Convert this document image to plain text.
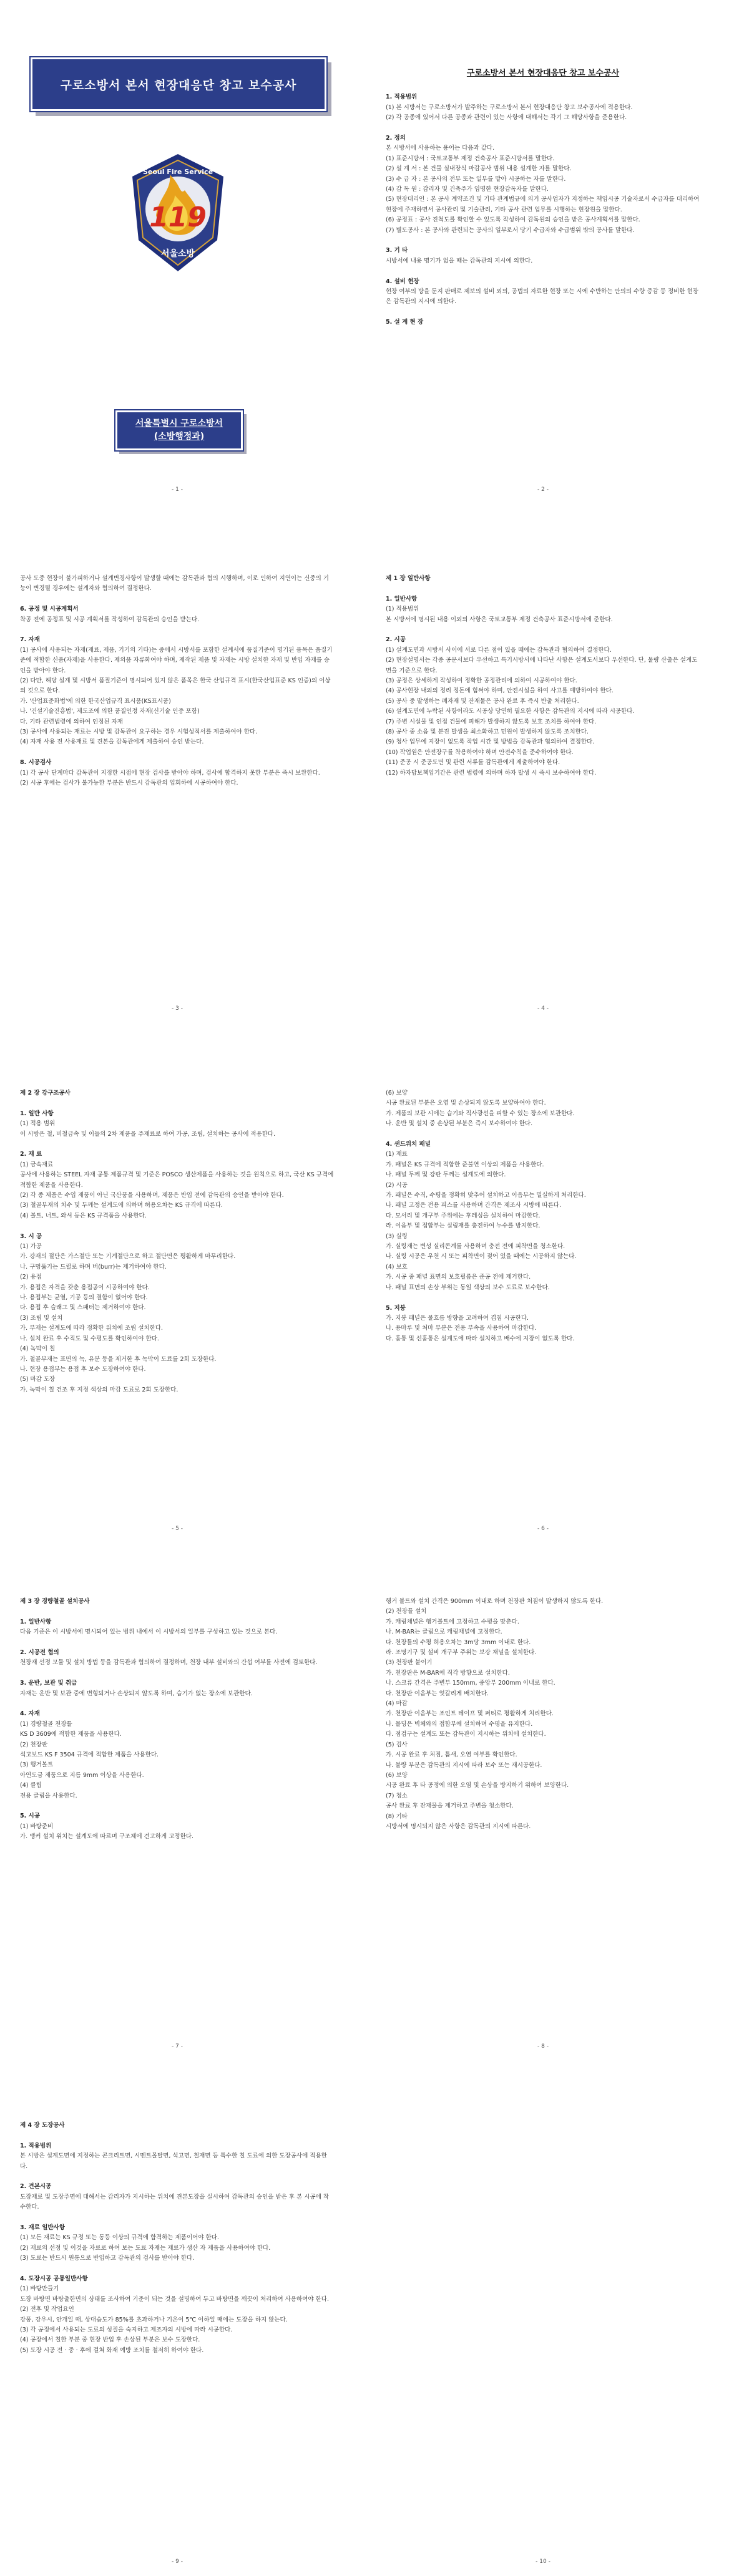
구로소방서 본서 현장대응단 창고 보수공사
119
Seoul Fire Service
서울소방
서울특별시 구로소방서
(소방행정과)
- 1 -

구로소방서 본서 현장대응단 창고 보수공사

1. 적용범위

(1) 본 시방서는 구로소방서가 발주하는 구로소방서 본서 현장대응단 창고 보수공사에 적용한다.

(2) 각 공종에 있어서 다른 공종과 관련이 있는 사항에 대해서는 각기 그 해당사항을 준용한다.

2. 정의

본 시방서에 사용하는 용어는 다음과 같다.

(1) 표준시방서 : 국토교통부 제정 건축공사 표준시방서를 말한다.

(2) 설 계 서 : 본 건물 실내장식 마감공사 범위 내용 설계한 자를 말한다.

(3) 수 급 자 : 본 공사의 전부 또는 일부를 맡아 시공하는 자를 말한다.

(4) 감 독 원 : 감리자 및 건축주가 임명한 현장감독자를 말한다.

(5) 현장대리인 : 본 공사 계약조건 및 기타 관계법규에 의거 공사업자가 지정하는 책임시공 기술자로서 수급자를 대리하여 현장에 주재하면서 공사관리 및 기술관리, 기타 공사 관련 업무를 시행하는 현장원을 말한다.

(6) 공정표 : 공사 진척도를 확인할 수 있도록 작성하여 감독원의 승인을 받은 공사계획서를 말한다.

(7) 별도공사 : 본 공사와 관련되는 공사의 일부로서 당기 수급자와 수급범위 밖의 공사를 말한다.

3. 기 타

시방서에 내용 명기가 없을 때는 감독관의 지시에 의한다.

4. 설비 현장

현장 여부의 방을 둔지 판매로 제보의 설비 외의, 공법의 자료한 현장 또는 시에 수반하는 안의의 수량 증감 등 정비한 현장은 감독관의 지시에 의한다.

5. 설 계 현 장

- 2 -

공사 도중 현장이 불가피하거나 설계변경사항이 발생할 때에는 감독관과 협의 시행하며, 이로 인하여 지연이는 신중의 기능이 변경될 경우에는 설계자와 협의하여 결정한다.

6. 공정 및 시공계획서

착공 전에 공정표 및 시공 계획서를 작성하여 감독관의 승인을 받는다.

7. 자재

(1) 공사에 사용되는 자재(재료, 제품, 기기의 기타)는 중에서 시방서를 포함한 설계서에 품질기준이 명기된 품목은 품질기준에 적합한 신품(자재)을 사용한다. 제외품 자류화여야 하며, 제작된 제품 및 자재는 시방 설치한 자재 및 반입 자재를 승인을 받아야 한다.

(2) 다만, 해당 설계 및 시방서 품질기준이 명시되어 있지 않은 품목은 한국 산업규격 표시(한국산업표준 KS 인증)의 이상의 것으로 한다.

가. '산업표준화법'에 의한 한국산업규격 표시품(KS표시품)

나. '건설기술진흥법', 제도조에 의한 품질인정 자재(신기술 인증 포함)

다. 기타 관련법령에 의하여 인정된 자재

(3) 공사에 사용되는 재료는 시방 및 감독관이 요구하는 경우 시험성적서를 제출하여야 한다.

(4) 자재 사용 전 사용재료 및 견본을 감독관에게 제출하여 승인 받는다.

8. 시공검사

(1) 각 공사 단계마다 감독관이 지정한 시점에 현장 검사를 받아야 하며, 검사에 합격하지 못한 부분은 즉시 보완한다.

(2) 시공 후에는 검사가 불가능한 부분은 반드시 감독관의 입회하에 시공하여야 한다.

- 3 -

제 1 장 일반사항

1. 일반사항

(1) 적용범위

본 시방서에 명시된 내용 이외의 사항은 국토교통부 제정 건축공사 표준시방서에 준한다.

2. 시공

(1) 설계도면과 시방서 사이에 서로 다른 점이 있을 때에는 감독관과 협의하여 결정한다.

(2) 현장설명서는 각종 공문서보다 우선하고 특기시방서에 나타난 사항은 설계도서보다 우선한다. 단, 물량 산출은 설계도면을 기준으로 한다.

(3) 공정은 상세하게 작성하여 정확한 공정관리에 의하여 시공하여야 한다.

(4) 공사현장 내외의 정리 정돈에 힘써야 하며, 안전시설을 하여 사고를 예방하여야 한다.

(5) 공사 중 발생하는 폐자재 및 잔재물은 공사 완료 후 즉시 반출 처리한다.

(6) 설계도면에 누락된 사항이라도 시공상 당연히 필요한 사항은 감독관의 지시에 따라 시공한다.

(7) 주변 시설물 및 인접 건물에 피해가 발생하지 않도록 보호 조치를 하여야 한다.

(8) 공사 중 소음 및 분진 발생을 최소화하고 민원이 발생하지 않도록 조치한다.

(9) 청사 업무에 지장이 없도록 작업 시간 및 방법을 감독관과 협의하여 결정한다.

(10) 작업원은 안전장구를 착용하여야 하며 안전수칙을 준수하여야 한다.

(11) 준공 시 준공도면 및 관련 서류를 감독관에게 제출하여야 한다.

(12) 하자담보책임기간은 관련 법령에 의하며 하자 발생 시 즉시 보수하여야 한다.

- 4 -

제 2 장 강구조공사

1. 일반 사항

(1) 적용 범위

이 시방은 철, 비철금속 및 이들의 2차 제품을 주재료로 하여 가공, 조립, 설치하는 공사에 적용한다.

2. 재 료

(1) 금속재료

공사에 사용하는 STEEL 자재 공통 제품규격 및 기준은 POSCO 생산제품을 사용하는 것을 원칙으로 하고, 국산 KS 규격에 적합한 제품을 사용한다.

(2) 각 종 제품은 수입 제품이 아닌 국산품을 사용하며, 제품은 반입 전에 감독관의 승인을 받아야 한다.

(3) 철골부재의 치수 및 두께는 설계도에 의하며 허용오차는 KS 규격에 따른다.

(4) 볼트, 너트, 와셔 등은 KS 규격품을 사용한다.

3. 시 공

(1) 가공

가. 강재의 절단은 가스절단 또는 기계절단으로 하고 절단면은 평활하게 마무리한다.

나. 구멍뚫기는 드릴로 하며 버(burr)는 제거하여야 한다.

(2) 용접

가. 용접은 자격을 갖춘 용접공이 시공하여야 한다.

나. 용접부는 균열, 기공 등의 결함이 없어야 한다.

다. 용접 후 슬래그 및 스패터는 제거하여야 한다.

(3) 조립 및 설치

가. 부재는 설계도에 따라 정확한 위치에 조립 설치한다.

나. 설치 완료 후 수직도 및 수평도를 확인하여야 한다.

(4) 녹막이 칠

가. 철골부재는 표면의 녹, 유분 등을 제거한 후 녹막이 도료를 2회 도장한다.

나. 현장 용접부는 용접 후 보수 도장하여야 한다.

(5) 마감 도장

가. 녹막이 칠 건조 후 지정 색상의 마감 도료로 2회 도장한다.

- 5 -

(6) 보양

시공 완료된 부분은 오염 및 손상되지 않도록 보양하여야 한다.

가. 제품의 보관 시에는 습기와 직사광선을 피할 수 있는 장소에 보관한다.

나. 운반 및 설치 중 손상된 부분은 즉시 보수하여야 한다.

4. 샌드위치 패널

(1) 재료

가. 패널은 KS 규격에 적합한 준불연 이상의 제품을 사용한다.

나. 패널 두께 및 강판 두께는 설계도에 의한다.

(2) 시공

가. 패널은 수직, 수평을 정확히 맞추어 설치하고 이음부는 밀실하게 처리한다.

나. 패널 고정은 전용 피스를 사용하며 간격은 제조사 시방에 따른다.

다. 모서리 및 개구부 주위에는 후레싱을 설치하여 마감한다.

라. 이음부 및 접합부는 실링재를 충전하여 누수를 방지한다.

(3) 실링

가. 실링재는 변성 실리콘계를 사용하며 충전 전에 피착면을 청소한다.

나. 실링 시공은 우천 시 또는 피착면이 젖어 있을 때에는 시공하지 않는다.

(4) 보호

가. 시공 중 패널 표면의 보호필름은 준공 전에 제거한다.

나. 패널 표면의 손상 부위는 동일 색상의 보수 도료로 보수한다.

5. 지붕

가. 지붕 패널은 물흐름 방향을 고려하여 겹침 시공한다.

나. 용마루 및 처마 부분은 전용 부속을 사용하여 마감한다.

다. 홈통 및 선홈통은 설계도에 따라 설치하고 배수에 지장이 없도록 한다.

- 6 -

제 3 장 경량철골 설치공사

1. 일반사항

다음 기준은 이 시방서에 명시되어 있는 범위 내에서 이 시방서의 일부를 구성하고 있는 것으로 본다.

2. 시공전 협의

천장재 선정 모듈 및 설치 방법 등을 감독관과 협의하여 결정하며, 천장 내부 설비와의 간섭 여부를 사전에 검토한다.

3. 운반, 보관 및 취급

자재는 운반 및 보관 중에 변형되거나 손상되지 않도록 하며, 습기가 없는 장소에 보관한다.

4. 자재

(1) 경량철골 천장틀

KS D 3609에 적합한 제품을 사용한다.

(2) 천장판

석고보드 KS F 3504 규격에 적합한 제품을 사용한다.

(3) 행거볼트

아연도금 제품으로 지름 9mm 이상을 사용한다.

(4) 클립

전용 클립을 사용한다.

5. 시공

(1) 바탕준비

가. 앵커 설치 위치는 설계도에 따르며 구조체에 견고하게 고정한다.

- 7 -

행거 볼트와 설치 간격은 900mm 이내로 하며 천장판 처짐이 발생하지 않도록 한다.

(2) 천장틀 설치

가. 캐링채널은 행거볼트에 고정하고 수평을 맞춘다.

나. M-BAR는 클립으로 캐링채널에 고정한다.

다. 천장틀의 수평 허용오차는 3m당 3mm 이내로 한다.

라. 조명기구 및 설비 개구부 주위는 보강 채널을 설치한다.

(3) 천장판 붙이기

가. 천장판은 M-BAR에 직각 방향으로 설치한다.

나. 스크류 간격은 주변부 150mm, 중앙부 200mm 이내로 한다.

다. 천장판 이음부는 엇갈리게 배치한다.

(4) 마감

가. 천장판 이음부는 조인트 테이프 및 퍼티로 평활하게 처리한다.

나. 몰딩은 벽체와의 접합부에 설치하며 수평을 유지한다.

다. 점검구는 설계도 또는 감독관이 지시하는 위치에 설치한다.

(5) 검사

가. 시공 완료 후 처짐, 틈새, 오염 여부를 확인한다.

나. 불량 부분은 감독관의 지시에 따라 보수 또는 재시공한다.

(6) 보양

시공 완료 후 타 공정에 의한 오염 및 손상을 방지하기 위하여 보양한다.

(7) 청소

공사 완료 후 잔재물을 제거하고 주변을 청소한다.

(8) 기타

시방서에 명시되지 않은 사항은 감독관의 지시에 따른다.

- 8 -

제 4 장 도장공사

1. 적용범위

본 시방은 설계도면에 지정하는 콘크리트면, 시멘트몰탈면, 석고면, 철재면 등 특수한 칠 도료에 의한 도장공사에 적용한다.

2. 견본시공

도장재료 및 도장주면에 대해서는 감리자가 지시하는 위치에 견본도장을 실시하여 감독관의 승인을 받은 후 본 시공에 착수한다.

3. 재료 일반사항

(1) 모든 재료는 KS 규정 또는 동등 이상의 규격에 합격하는 제품이어야 한다.

(2) 재료의 선정 및 이것을 자료로 하여 보는 도료 자재는 재료가 생산 자 제품을 사용하여야 한다.

(3) 도료는 반드시 원통으로 반입하고 감독관의 검사를 받아야 한다.

4. 도장시공 공통일반사항

(1) 바탕만들기

도장 바탕면 바탕출한면의 상태를 조사하여 기준이 되는 것을 설명하여 두고 바탕면을 깨끗이 처리하여 사용하여야 한다.

(2) 전후 및 작업요인

강풍, 강우시, 안개일 때, 상대습도가 85%를 초과하거나 기온이 5℃ 이하일 때에는 도장을 하지 않는다.

(3) 각 공정에서 사용되는 도료의 성질을 숙지하고 제조자의 시방에 따라 시공한다.

(4) 공장에서 칠한 부분 중 현장 반입 후 손상된 부분은 보수 도장한다.

(5) 도장 시공 전 · 중 · 후에 걸쳐 화재 예방 조치를 철저히 하여야 한다.

- 9 -	- 10 -
